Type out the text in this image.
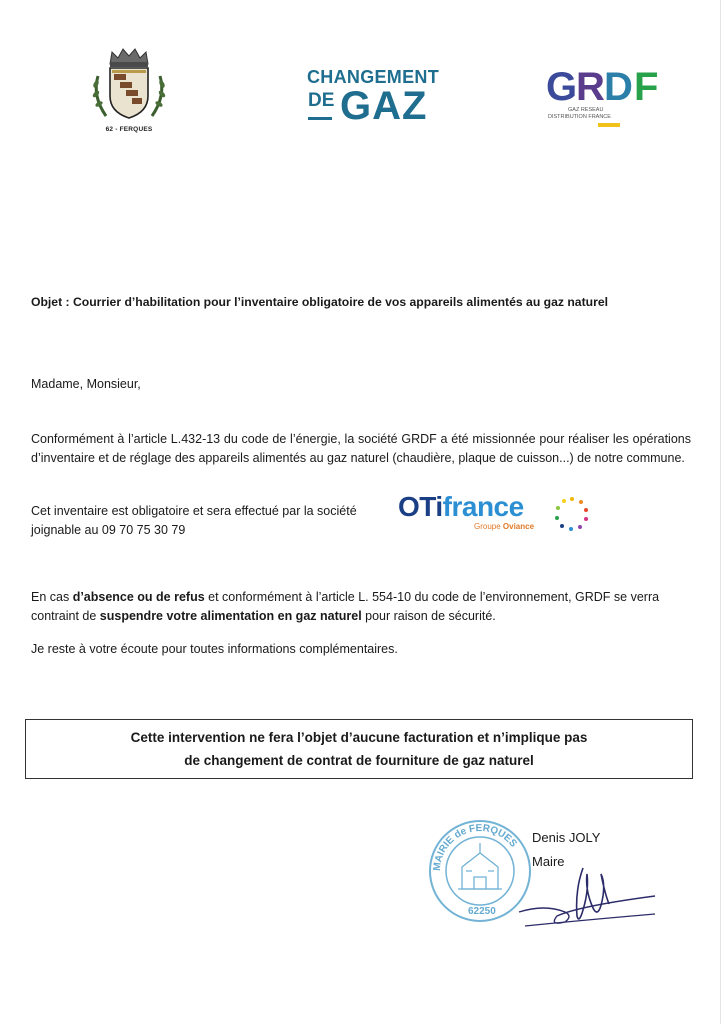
62 - FERQUES
CHANGEMENT
DE GAZ	G
R D F
GAZ RESEAU
DISTRIBUTION FRANCE
Objet : Courrier d’habilitation pour l’inventaire obligatoire de vos appareils alimentés au gaz naturel
Madame, Monsieur,
Conformément à l’article L.432-13 du code de l’énergie, la société GRDF a été missionnée pour réaliser les opérations d’inventaire et de réglage des appareils alimentés au gaz naturel (chaudière, plaque de cuisson...) de notre commune.
Cet inventaire est obligatoire et sera effectué par la société
joignable au 09 70 75 30 79
OTifrance
Groupe Oviance
En cas d’absence ou de refus et conformément à l’article L. 554-10 du code de l’environnement, GRDF se verra contraint de suspendre votre alimentation en gaz naturel pour raison de sécurité.
Je reste à votre écoute pour toutes informations complémentaires.
Cette intervention ne fera l’objet d’aucune facturation et n’implique pas
de changement de contrat de fourniture de gaz naturel
MAIRIE de FERQUES
62250
Denis JOLY
Maire
